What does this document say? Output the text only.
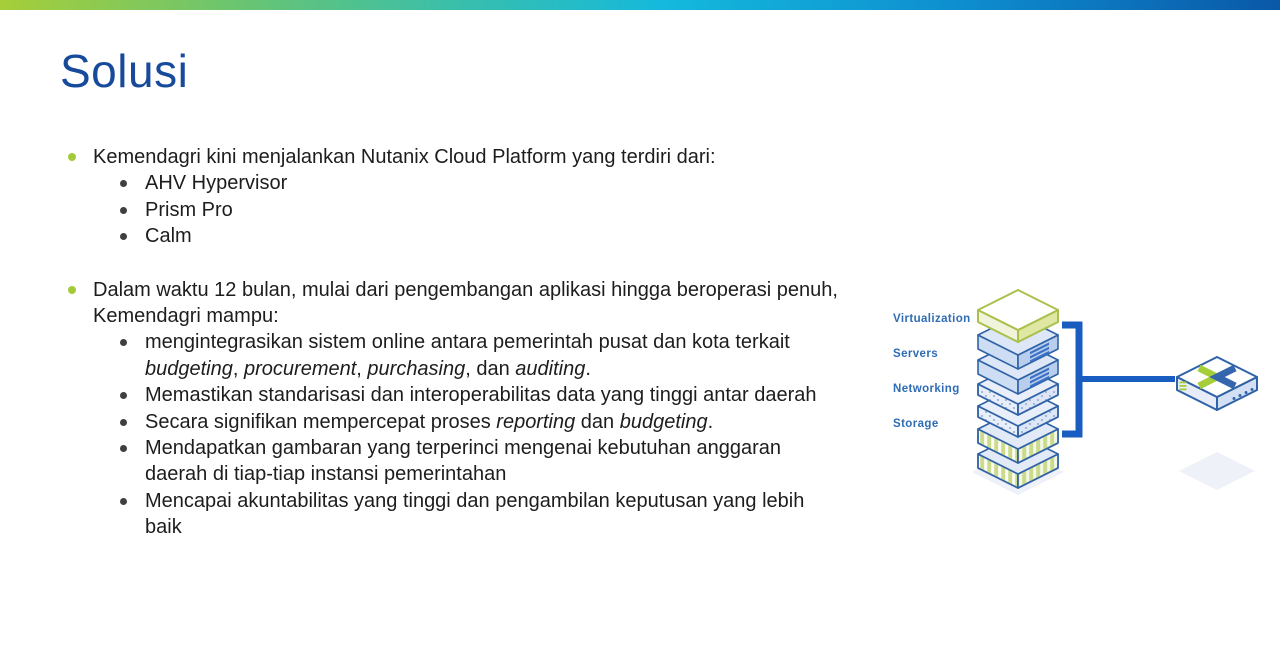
Solusi
Kemendagri kini menjalankan Nutanix Cloud Platform yang terdiri dari:
AHV Hypervisor
Prism Pro
Calm
Dalam waktu 12 bulan, mulai dari pengembangan aplikasi hingga beroperasi penuh, Kemendagri mampu:
mengintegrasikan sistem online antara pemerintah pusat dan kota terkait budgeting, procurement, purchasing, dan auditing.
Memastikan standarisasi dan interoperabilitas data yang tinggi antar daerah
Secara signifikan mempercepat proses reporting dan budgeting.
Mendapatkan gambaran yang terperinci mengenai kebutuhan anggaran daerah di tiap-tiap instansi pemerintahan
Mencapai akuntabilitas yang tinggi dan pengambilan keputusan yang lebih baik
Virtualization
Servers
Networking
Storage
